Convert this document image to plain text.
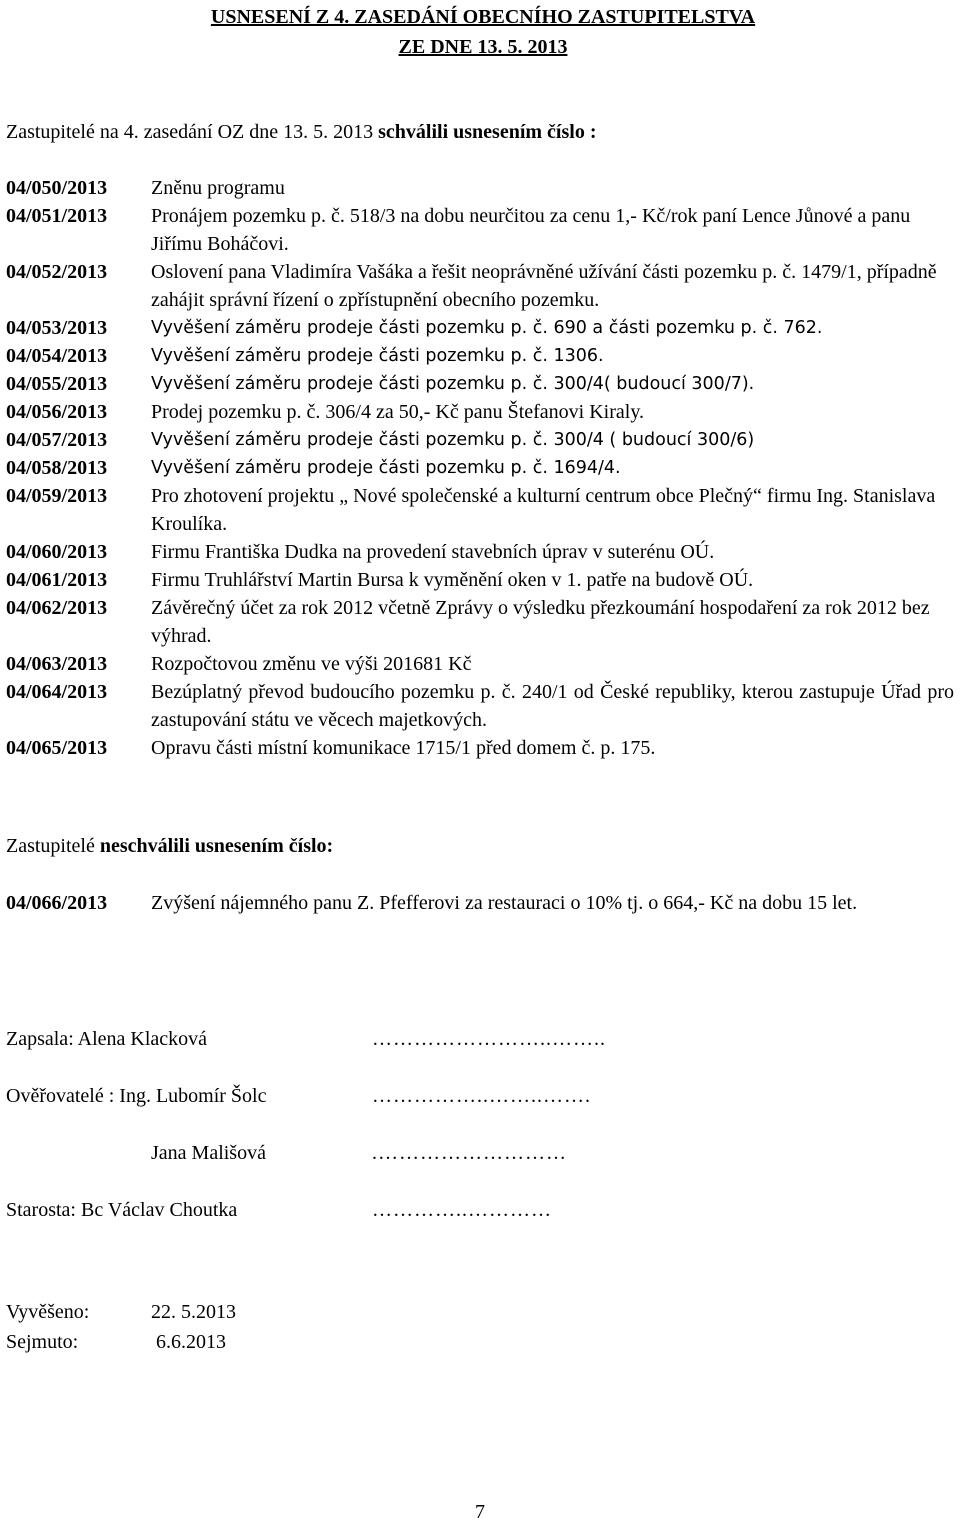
USNESENÍ Z 4. ZASEDÁNÍ OBECNÍHO ZASTUPITELSTVA

ZE DNE 13. 5. 2013

Zastupitelé na 4. zasedání OZ dne 13. 5. 2013 schválili usnesením číslo :
04/050/2013	Zněnu programu
04/051/2013	Pronájem pozemku p. č. 518/3 na dobu neurčitou za cenu 1,- Kč/rok paní Lence Jůnové a panu Jiřímu Boháčovi.
04/052/2013	Oslovení pana Vladimíra Vašáka a řešit neoprávněné užívání části pozemku p. č. 1479/1, případně zahájit správní řízení o zpřístupnění obecního pozemku.
04/053/2013	Vyvěšení záměru prodeje části pozemku p. č. 690 a části pozemku p. č. 762.
04/054/2013	Vyvěšení záměru prodeje části pozemku p. č. 1306.
04/055/2013	Vyvěšení záměru prodeje části pozemku p. č. 300/4( budoucí 300/7).
04/056/2013	Prodej pozemku p. č. 306/4 za 50,- Kč panu Štefanovi Kiraly.
04/057/2013	Vyvěšení záměru prodeje části pozemku p. č. 300/4 ( budoucí 300/6)
04/058/2013	Vyvěšení záměru prodeje části pozemku p. č. 1694/4.
04/059/2013	Pro zhotovení projektu „ Nové společenské a kulturní centrum obce Plečný“ firmu Ing. Stanislava Kroulíka.
04/060/2013	Firmu Františka Dudka na provedení stavebních úprav v suterénu OÚ.
04/061/2013	Firmu Truhlářství Martin Bursa k vyměnění oken v 1. patře na budově OÚ.
04/062/2013	Závěrečný účet za rok 2012 včetně Zprávy o výsledku přezkoumání hospodaření za rok 2012 bez výhrad.
04/063/2013	Rozpočtovou změnu ve výši 201681 Kč
04/064/2013	Bezúplatný převod budoucího pozemku p. č. 240/1 od České republiky, kterou zastupuje Úřad pro zastupování státu ve věcech majetkových.
04/065/2013	Opravu části místní komunikace 1715/1 před domem č. p. 175.
Zastupitelé neschválili usnesením číslo:
04/066/2013	Zvýšení nájemného panu Z. Pfefferovi za restauraci o 10% tj. o 664,- Kč na dobu 15 let.
Zapsala: Alena Klacková	……………………..……..
Ověřovatelé : Ing. Lubomír Šolc	……………..……..…….
Jana Mališová	.………………………
Starosta: Bc Václav Choutka	…………..…………
Vyvěšeno:	22. 5.2013
Sejmuto:	6.6.2013
7
